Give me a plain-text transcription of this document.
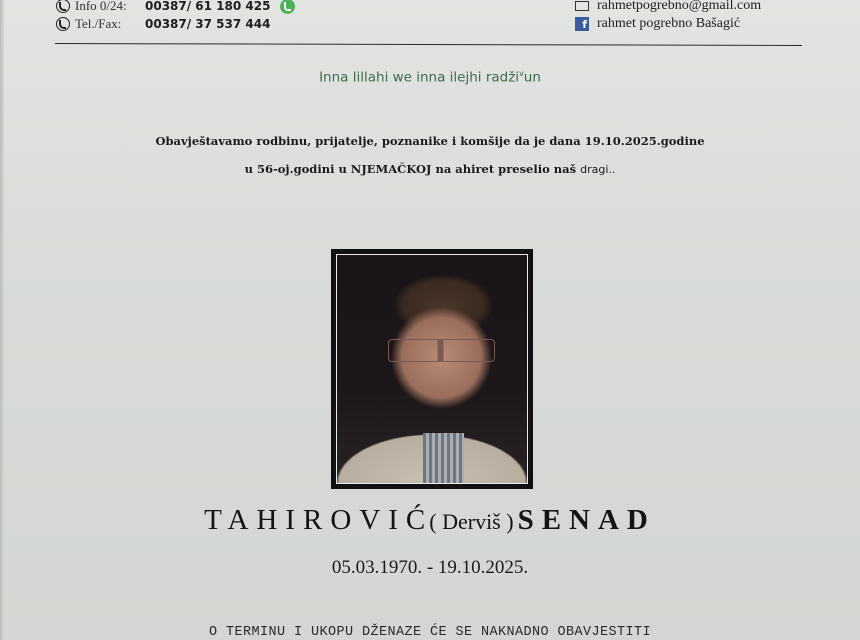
Info 0/24:	00387/ 61 180 425
Tel./Fax:	00387/ 37 537 444
rahmetpogrebno@gmail.com
f rahmet pogrebno Bašagić
Inna lillahi we inna ilejhi radži$^v$un
Obavještavamo rodbinu, prijatelje, poznanike i komšije da je dana 19.10.2025.godine
u 56-oj.godini u NJEMAČKOJ na ahiret preselio naš dragi..
TAHIROVIĆ( Derviš ) SENAD
05.03.1970. - 19.10.2025.
O TERMINU I UKOPU DŽENAZE ĆE SE NAKNADNO OBAVJESTITI
